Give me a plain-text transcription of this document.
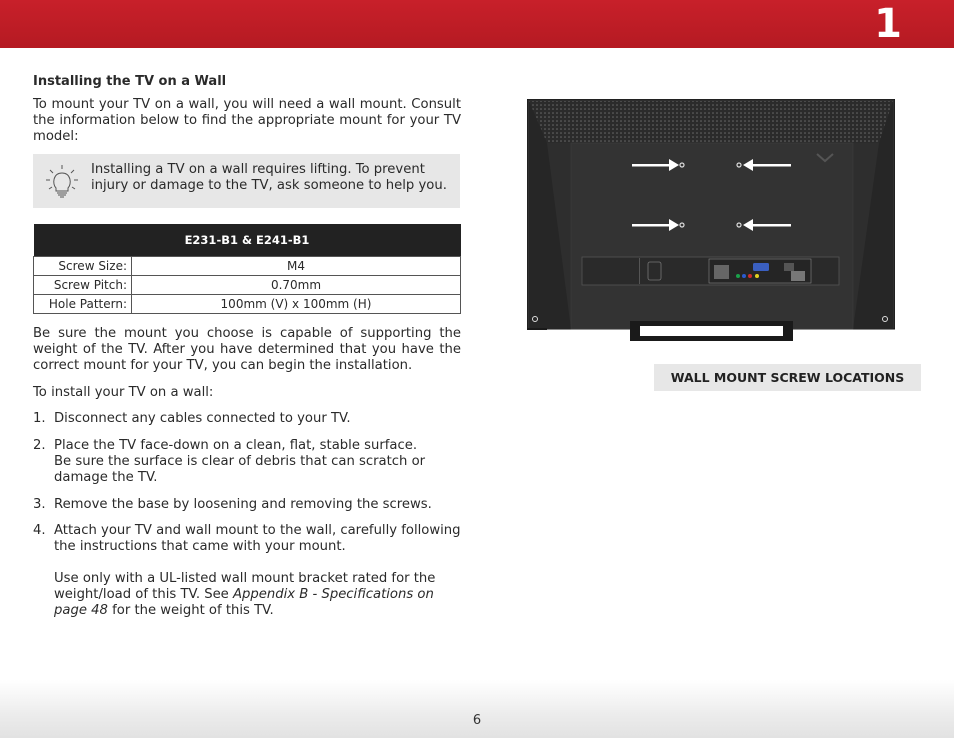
1
Installing the TV on a Wall
To mount your TV on a wall, you will need a wall mount. Consult the information below to find the appropriate mount for your TV model:
Installing a TV on a wall requires lifting. To prevent injury or damage to the TV, ask someone to help you.
E231-B1 & E241-B1	
Screw Size:	M4
Screw Pitch:	0.70mm
Hole Pattern:	100mm (V) x 100mm (H)
Be sure the mount you choose is capable of supporting the weight of the TV. After you have determined that you have the correct mount for your TV, you can begin the installation.
To install your TV on a wall:
1. Disconnect any cables connected to your TV.
2. Place the TV face-down on a clean, flat, stable surface.
Be sure the surface is clear of debris that can scratch or damage the TV.
3. Remove the base by loosening and removing the screws.
4. Attach your TV and wall mount to the wall, carefully following the instructions that came with your mount.
Use only with a UL-listed wall mount bracket rated for the weight/load of this TV. See Appendix B - Specifications on page 48 for the weight of this TV.
WALL MOUNT SCREW LOCATIONS
6
